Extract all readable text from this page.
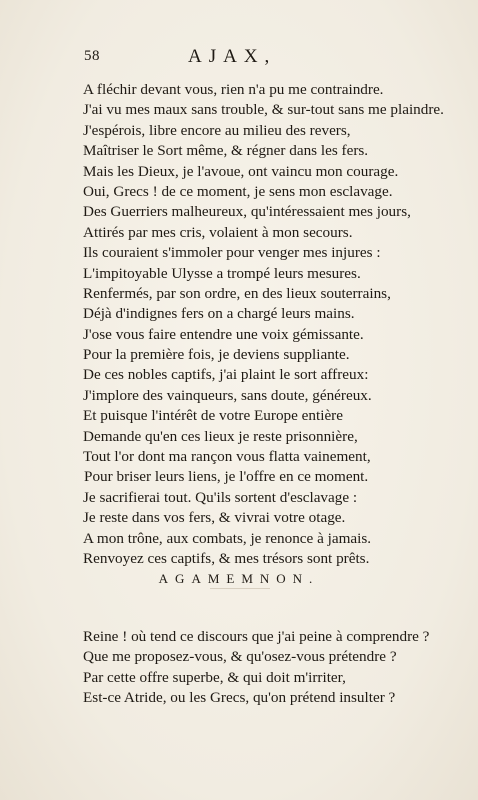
58	AJAX,
A fléchir devant vous, rien n'a pu me contraindre.
J'ai vu mes maux sans trouble, & sur-tout sans me plaindre.
J'espérois, libre encore au milieu des revers,
Maîtriser le Sort même, & régner dans les fers.
Mais les Dieux, je l'avoue, ont vaincu mon courage.
Oui, Grecs ! de ce moment, je sens mon esclavage.
Des Guerriers malheureux, qu'intéressaient mes jours,
Attirés par mes cris, volaient à mon secours.
Ils couraient s'immoler pour venger mes injures :
L'impitoyable Ulysse a trompé leurs mesures.
Renfermés, par son ordre, en des lieux souterrains,
Déjà d'indignes fers on a chargé leurs mains.
J'ose vous faire entendre une voix gémissante.
Pour la première fois, je deviens suppliante.
De ces nobles captifs, j'ai plaint le sort affreux:
J'implore des vainqueurs, sans doute, généreux.
Et puisque l'intérêt de votre Europe entière
Demande qu'en ces lieux je reste prisonnière,
Tout l'or dont ma rançon vous flatta vainement,
Pour briser leurs liens, je l'offre en ce moment.
Je sacrifierai tout. Qu'ils sortent d'esclavage :
Je reste dans vos fers, & vivrai votre otage.
A mon trône, aux combats, je renonce à jamais.
Renvoyez ces captifs, & mes trésors sont prêts.
AGAMEMNON.
Reine ! où tend ce discours que j'ai peine à comprendre ?
Que me proposez-vous, & qu'osez-vous prétendre ?
Par cette offre superbe, & qui doit m'irriter,
Est-ce Atride, ou les Grecs, qu'on prétend insulter ?
